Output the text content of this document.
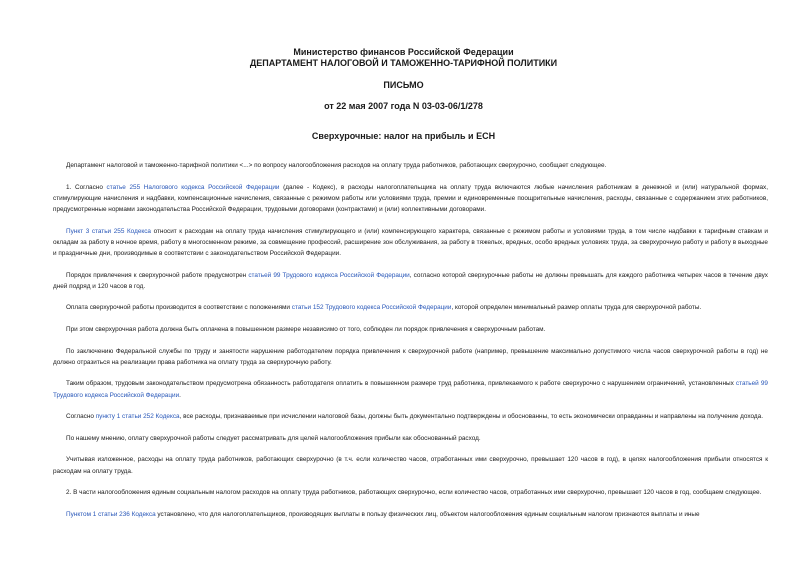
Министерство финансов Российской Федерации
ДЕПАРТАМЕНТ НАЛОГОВОЙ И ТАМОЖЕННО-ТАРИФНОЙ ПОЛИТИКИ
ПИСЬМО
от 22 мая 2007 года N 03-03-06/1/278
Сверхурочные: налог на прибыль и ЕСН

Департамент налоговой и таможенно-тарифной политики <...> по вопросу налогообложения расходов на оплату труда работников, работающих сверхурочно, сообщает следующее.

1. Согласно статье 255 Налогового кодекса Российской Федерации (далее - Кодекс), в расходы налогоплательщика на оплату труда включаются любые начисления работникам в денежной и (или) натуральной формах, стимулирующие начисления и надбавки, компенсационные начисления, связанные с режимом работы или условиями труда, премии и единовременные поощрительные начисления, расходы, связанные с содержанием этих работников, предусмотренные нормами законодательства Российской Федерации, трудовыми договорами (контрактами) и (или) коллективными договорами.

Пункт 3 статьи 255 Кодекса относит к расходам на оплату труда начисления стимулирующего и (или) компенсирующего характера, связанные с режимом работы и условиями труда, в том числе надбавки к тарифным ставкам и окладам за работу в ночное время, работу в многосменном режиме, за совмещение профессий, расширение зон обслуживания, за работу в тяжелых, вредных, особо вредных условиях труда, за сверхурочную работу и работу в выходные и праздничные дни, производимые в соответствии с законодательством Российской Федерации.

Порядок привлечения к сверхурочной работе предусмотрен статьей 99 Трудового кодекса Российской Федерации, согласно которой сверхурочные работы не должны превышать для каждого работника четырех часов в течение двух дней подряд и 120 часов в год.

Оплата сверхурочной работы производится в соответствии с положениями статьи 152 Трудового кодекса Российской Федерации, которой определен минимальный размер оплаты труда для сверхурочной работы.

При этом сверхурочная работа должна быть оплачена в повышенном размере независимо от того, соблюден ли порядок привлечения к сверхурочным работам.

По заключению Федеральной службы по труду и занятости нарушение работодателем порядка привлечения к сверхурочной работе (например, превышение максимально допустимого числа часов сверхурочной работы в год) не должно отразиться на реализации права работника на оплату труда за сверхурочную работу.

Таким образом, трудовым законодательством предусмотрена обязанность работодателя оплатить в повышенном размере труд работника, привлекаемого к работе сверхурочно с нарушением ограничений, установленных статьей 99 Трудового кодекса Российской Федерации.

Согласно пункту 1 статьи 252 Кодекса, все расходы, признаваемые при исчислении налоговой базы, должны быть документально подтверждены и обоснованны, то есть экономически оправданны и направлены на получение дохода.

По нашему мнению, оплату сверхурочной работы следует рассматривать для целей налогообложения прибыли как обоснованный расход.

Учитывая изложенное, расходы на оплату труда работников, работающих сверхурочно (в т.ч. если количество часов, отработанных ими сверхурочно, превышает 120 часов в год), в целях налогообложения прибыли относятся к расходам на оплату труда.

2. В части налогообложения единым социальным налогом расходов на оплату труда работников, работающих сверхурочно, если количество часов, отработанных ими сверхурочно, превышает 120 часов в год, сообщаем следующее.

Пунктом 1 статьи 236 Кодекса установлено, что для налогоплательщиков, производящих выплаты в пользу физических лиц, объектом налогообложения единым социальным налогом признаются выплаты и иные
